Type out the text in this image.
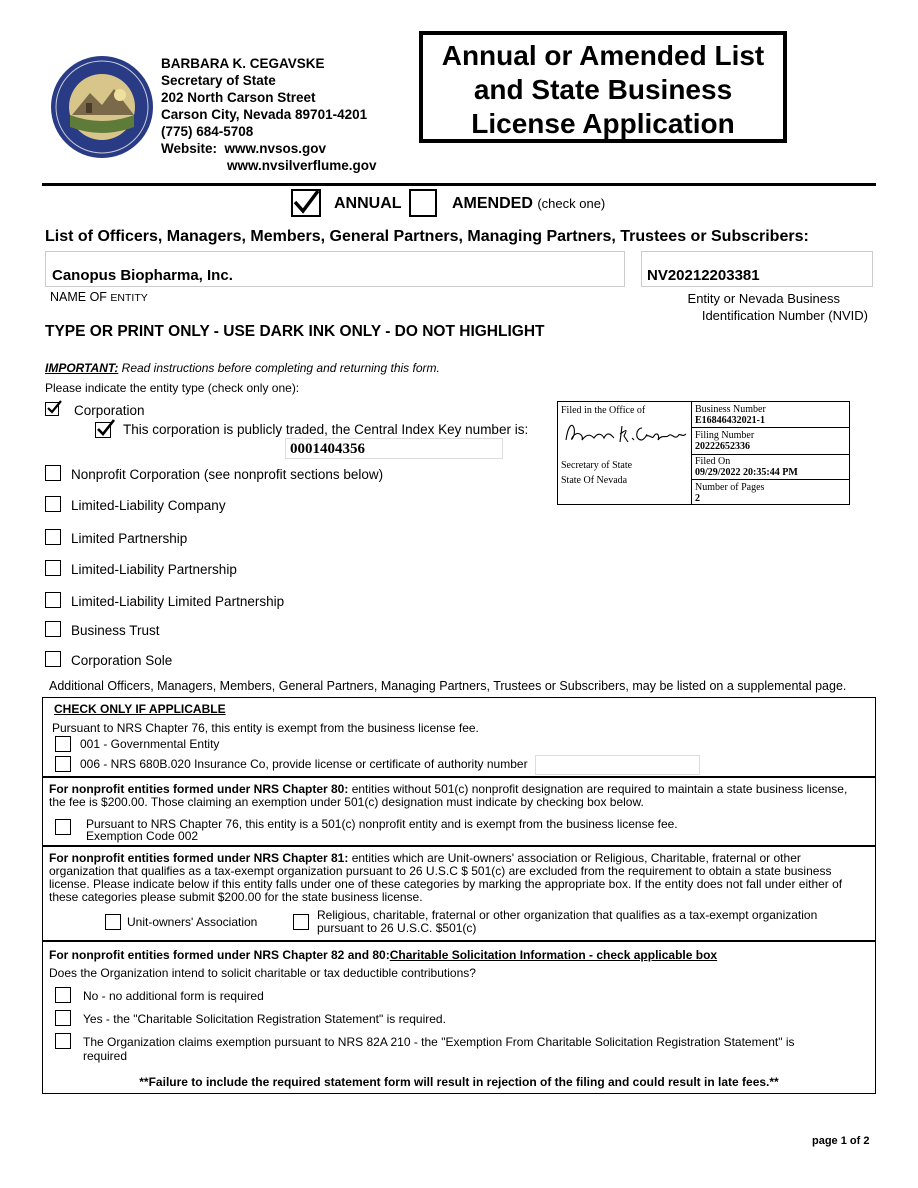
BARBARA K. CEGAVSKE
Secretary of State
202 North Carson Street
Carson City, Nevada 89701-4201
(775) 684-5708
Website: www.nvsos.gov
www.nvsilverflume.gov
Annual or Amended List
and State Business
License Application
ANNUAL	AMENDED (check one)
List of Officers, Managers, Members, General Partners, Managing Partners, Trustees or Subscribers:
Canopus Biopharma, Inc.
NAME OF ENTITY
NV20212203381
Entity or Nevada Business
Identification Number (NVID)
TYPE OR PRINT ONLY - USE DARK INK ONLY - DO NOT HIGHLIGHT
IMPORTANT: Read instructions before completing and returning this form.
Please indicate the entity type (check only one):
Corporation
This corporation is publicly traded, the Central Index Key number is:
0001404356
Nonprofit Corporation (see nonprofit sections below)
Limited-Liability Company
Limited Partnership
Limited-Liability Partnership
Limited-Liability Limited Partnership
Business Trust
Corporation Sole
Filed in the Office of
Secretary of State
State Of Nevada
Business Number
E16846432021-1
Filing Number
20222652336
Filed On
09/29/2022 20:35:44 PM
Number of Pages
2
Additional Officers, Managers, Members, General Partners, Managing Partners, Trustees or Subscribers, may be listed on a supplemental page.
CHECK ONLY IF APPLICABLE
Pursuant to NRS Chapter 76, this entity is exempt from the business license fee.
001 - Governmental Entity
006 - NRS 680B.020 Insurance Co, provide license or certificate of authority number
For nonprofit entities formed under NRS Chapter 80: entities without 501(c) nonprofit designation are required to maintain a state business license,
the fee is $200.00. Those claiming an exemption under 501(c) designation must indicate by checking box below.
Pursuant to NRS Chapter 76, this entity is a 501(c) nonprofit entity and is exempt from the business license fee.
Exemption Code 002
For nonprofit entities formed under NRS Chapter 81: entities which are Unit-owners' association or Religious, Charitable, fraternal or other
organization that qualifies as a tax-exempt organization pursuant to 26 U.S.C $ 501(c) are excluded from the requirement to obtain a state business
license. Please indicate below if this entity falls under one of these categories by marking the appropriate box. If the entity does not fall under either of
these categories please submit $200.00 for the state business license.
Unit-owners' Association	Religious, charitable, fraternal or other organization that qualifies as a tax-exempt organization
pursuant to 26 U.S.C. $501(c)
For nonprofit entities formed under NRS Chapter 82 and 80:Charitable Solicitation Information - check applicable box
Does the Organization intend to solicit charitable or tax deductible contributions?
No - no additional form is required
Yes - the "Charitable Solicitation Registration Statement" is required.
The Organization claims exemption pursuant to NRS 82A 210 - the "Exemption From Charitable Solicitation Registration Statement" is
required
**Failure to include the required statement form will result in rejection of the filing and could result in late fees.**
page 1 of 2
